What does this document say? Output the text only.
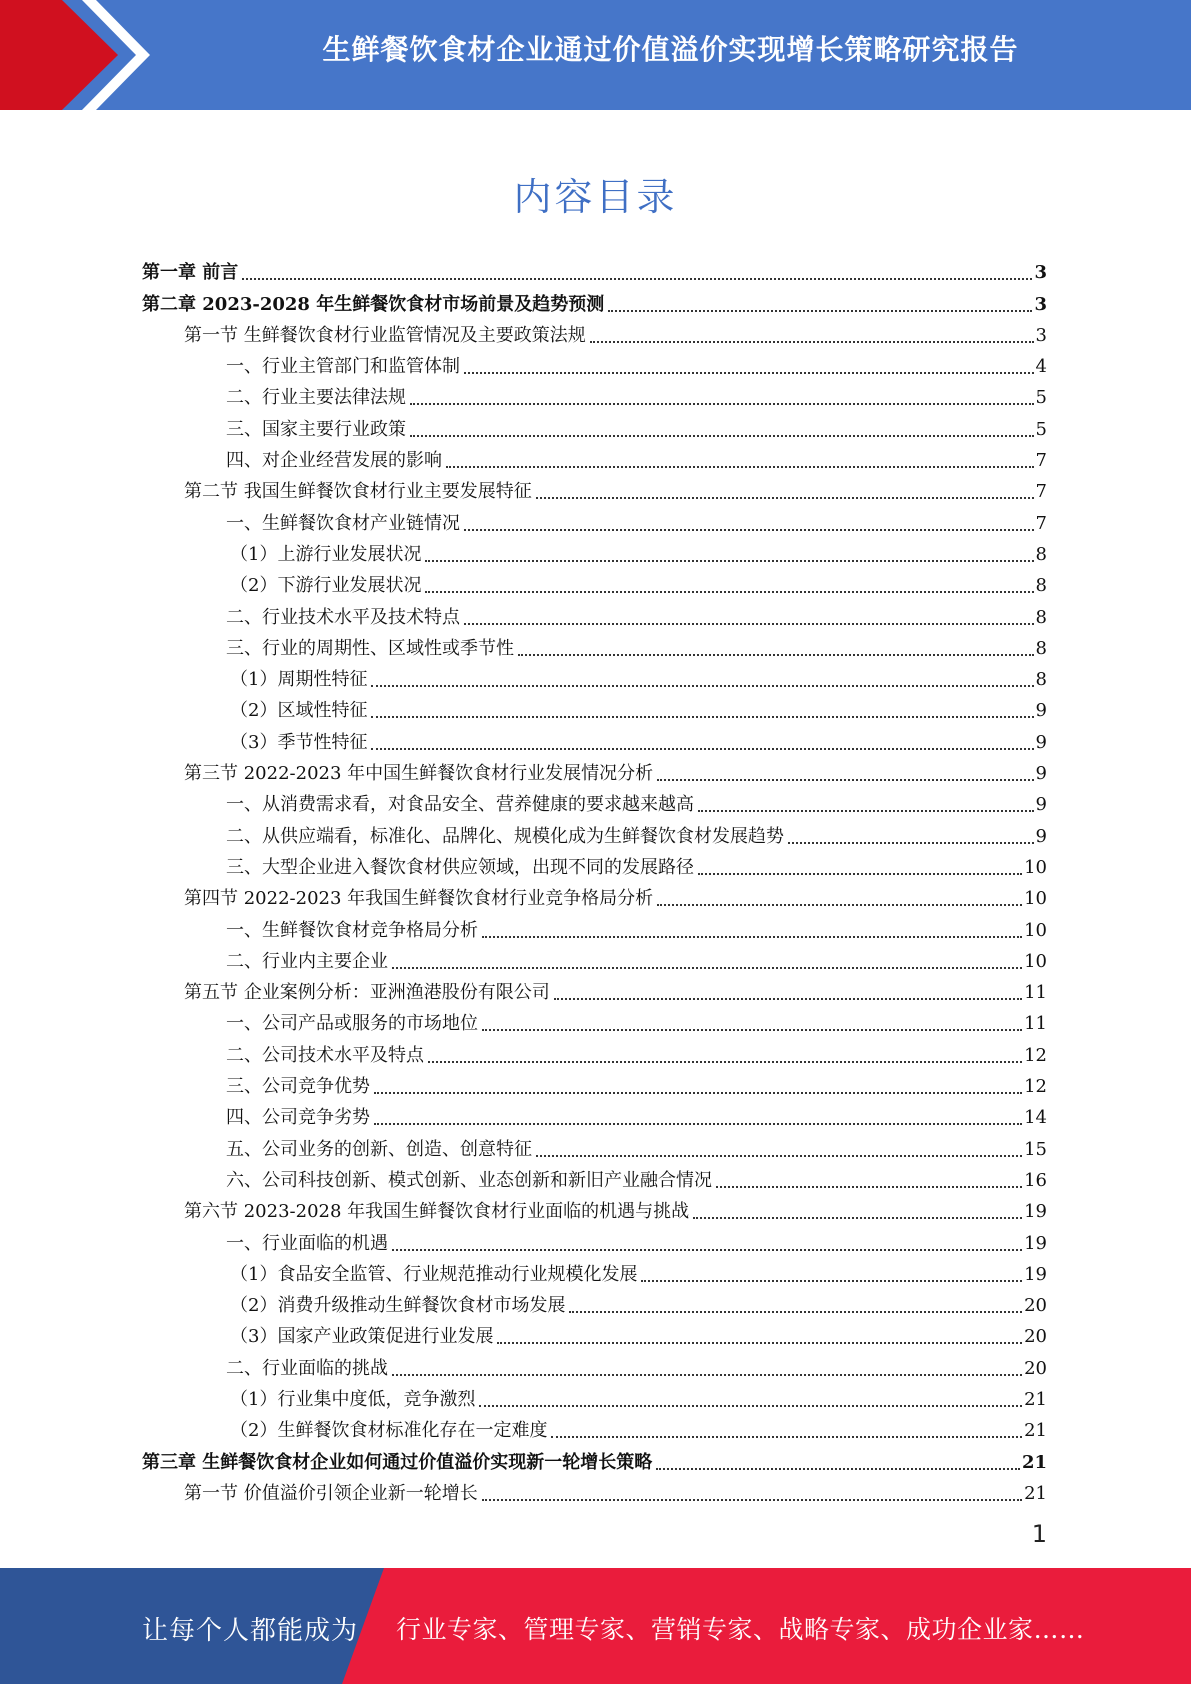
生鲜餐饮食材企业通过价值溢价实现增长策略研究报告
内容目录
第一章 前言	3
第二章 2023-2028 年生鲜餐饮食材市场前景及趋势预测	3
第一节 生鲜餐饮食材行业监管情况及主要政策法规	3
一、行业主管部门和监管体制	4
二、行业主要法律法规	5
三、国家主要行业政策	5
四、对企业经营发展的影响	7
第二节 我国生鲜餐饮食材行业主要发展特征	7
一、生鲜餐饮食材产业链情况	7
（1）上游行业发展状况	8
（2）下游行业发展状况	8
二、行业技术水平及技术特点	8
三、行业的周期性、区域性或季节性	8
（1）周期性特征	8
（2）区域性特征	9
（3）季节性特征	9
第三节 2022-2023 年中国生鲜餐饮食材行业发展情况分析	9
一、从消费需求看，对食品安全、营养健康的要求越来越高	9
二、从供应端看，标准化、品牌化、规模化成为生鲜餐饮食材发展趋势	9
三、大型企业进入餐饮食材供应领域，出现不同的发展路径	10
第四节 2022-2023 年我国生鲜餐饮食材行业竞争格局分析	10
一、生鲜餐饮食材竞争格局分析	10
二、行业内主要企业	10
第五节 企业案例分析：亚洲渔港股份有限公司	11
一、公司产品或服务的市场地位	11
二、公司技术水平及特点	12
三、公司竞争优势	12
四、公司竞争劣势	14
五、公司业务的创新、创造、创意特征	15
六、公司科技创新、模式创新、业态创新和新旧产业融合情况	16
第六节 2023-2028 年我国生鲜餐饮食材行业面临的机遇与挑战	19
一、行业面临的机遇	19
（1）食品安全监管、行业规范推动行业规模化发展	19
（2）消费升级推动生鲜餐饮食材市场发展	20
（3）国家产业政策促进行业发展	20
二、行业面临的挑战	20
（1）行业集中度低，竞争激烈	21
（2）生鲜餐饮食材标准化存在一定难度	21
第三章 生鲜餐饮食材企业如何通过价值溢价实现新一轮增长策略	21
第一节 价值溢价引领企业新一轮增长	21
1
让每个人都能成为 行业专家、管理专家、营销专家、战略专家、成功企业家……
